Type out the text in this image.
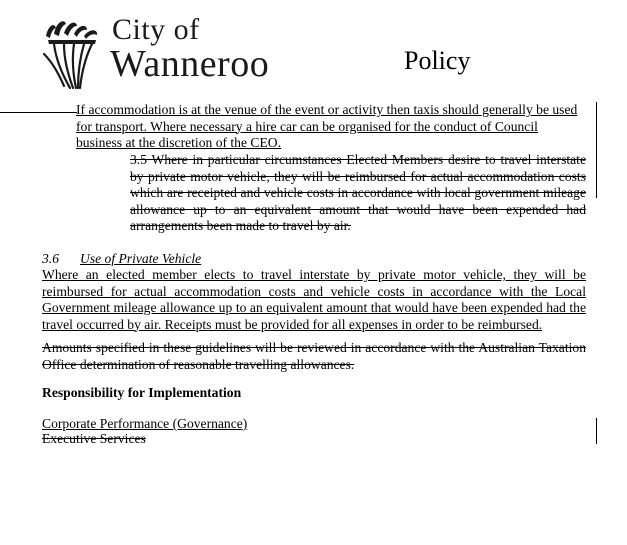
City of
Wanneroo	Policy
If accommodation is at the venue of the event or activity then taxis should generally be used for transport. Where necessary a hire car can be organised for the conduct of Council business at the discretion of the CEO.
3.5 Where in particular circumstances Elected Members desire to travel interstate by private motor vehicle, they will be reimbursed for actual accommodation costs which are receipted and vehicle costs in accordance with local government mileage allowance up to an equivalent amount that would have been expended had arrangements been made to travel by air.
3.6 Use of Private Vehicle
Where an elected member elects to travel interstate by private motor vehicle, they will be reimbursed for actual accommodation costs and vehicle costs in accordance with the Local Government mileage allowance up to an equivalent amount that would have been expended had the travel occurred by air. Receipts must be provided for all expenses in order to be reimbursed.
Amounts specified in these guidelines will be reviewed in accordance with the Australian Taxation Office determination of reasonable travelling allowances.
Responsibility for Implementation
Corporate Performance (Governance)
Executive Services
